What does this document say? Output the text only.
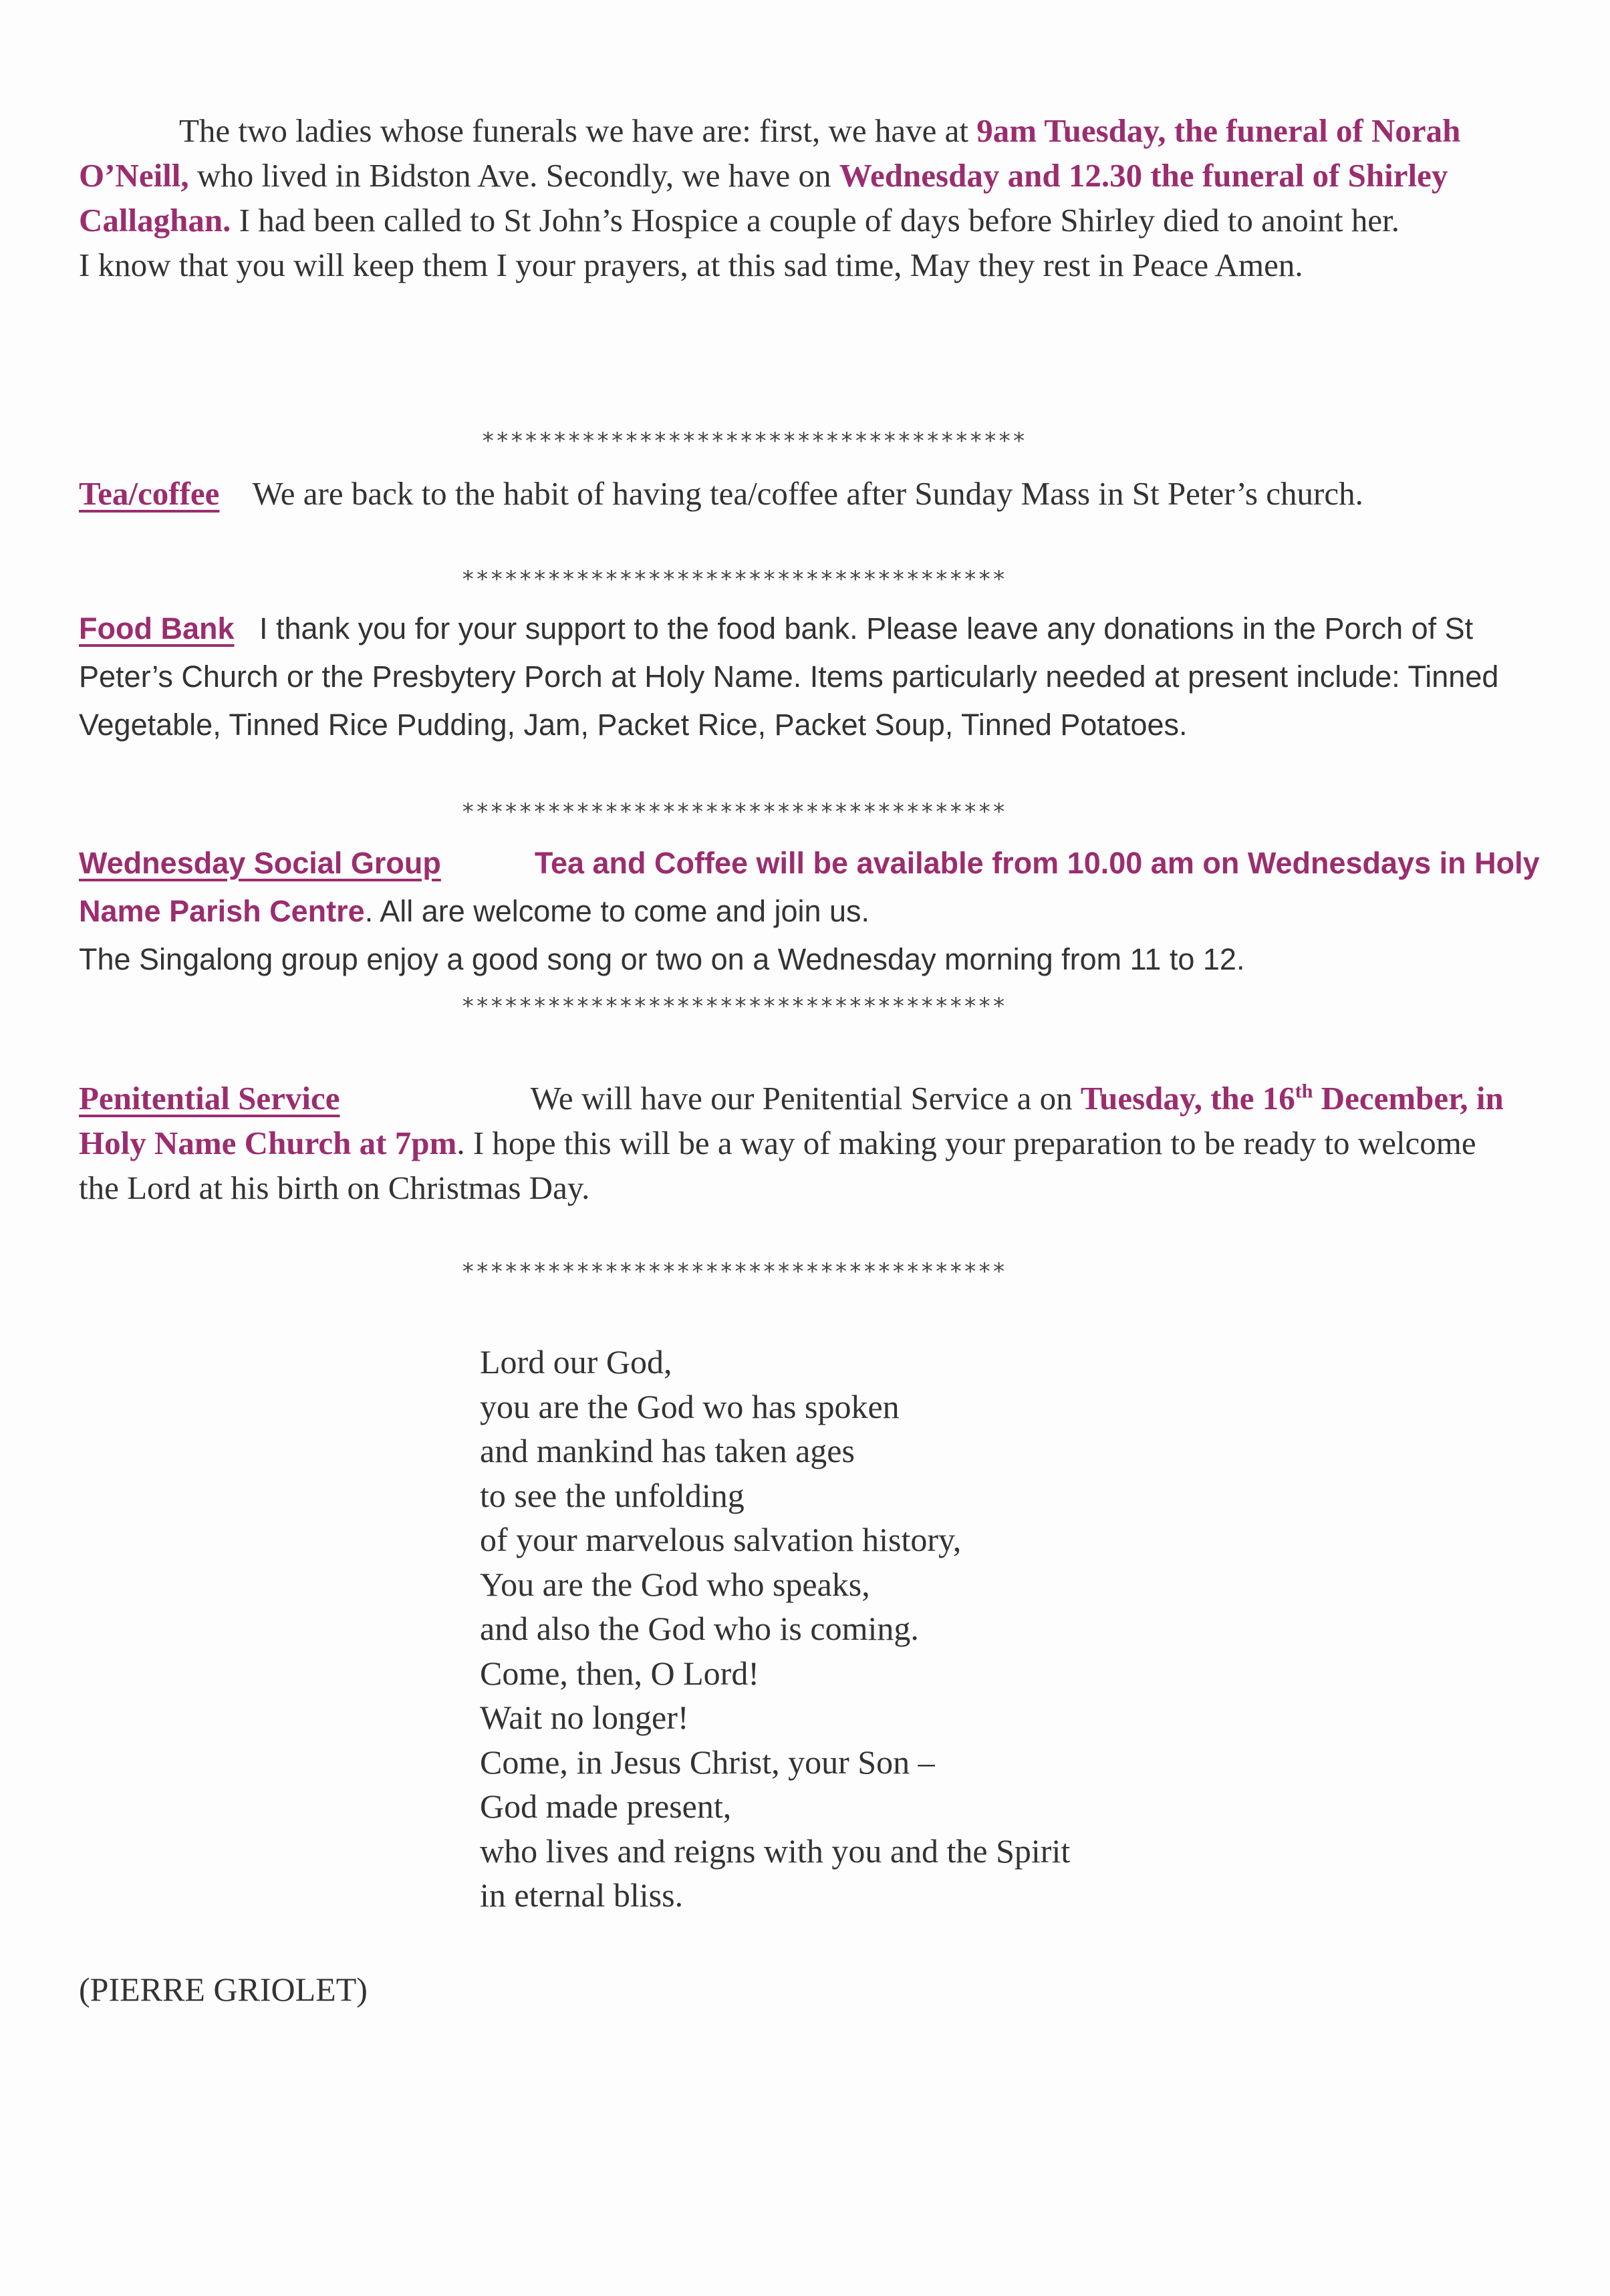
The two ladies whose funerals we have are: first, we have at 9am Tuesday, the funeral of Norah O’Neill, who lived in Bidston Ave. Secondly, we have on Wednesday and 12.30 the funeral of Shirley Callaghan. I had been called to St John’s Hospice a couple of days before Shirley died to anoint her.
I know that you will keep them I your prayers, at this sad time, May they rest in Peace Amen.
**************************************
Tea/coffee We are back to the habit of having tea/coffee after Sunday Mass in St Peter’s church.
**************************************
Food Bank I thank you for your support to the food bank. Please leave any donations in the Porch of St Peter’s Church or the Presbytery Porch at Holy Name. Items particularly needed at present include: Tinned Vegetable, Tinned Rice Pudding, Jam, Packet Rice, Packet Soup, Tinned Potatoes.
**************************************
Wednesday Social Group	Tea and Coffee will be available from 10.00 am on Wednesdays in Holy Name Parish Centre. All are welcome to come and join us.
The Singalong group enjoy a good song or two on a Wednesday morning from 11 to 12.
**************************************
Penitential Service	We will have our Penitential Service a on Tuesday, the 16th December, in Holy Name Church at 7pm. I hope this will be a way of making your preparation to be ready to welcome the Lord at his birth on Christmas Day.
**************************************
Lord our God,
you are the God wo has spoken
and mankind has taken ages
to see the unfolding
of your marvelous salvation history,
You are the God who speaks,
and also the God who is coming.
Come, then, O Lord!
Wait no longer!
Come, in Jesus Christ, your Son –
God made present,
who lives and reigns with you and the Spirit
in eternal bliss.
(PIERRE GRIOLET)
